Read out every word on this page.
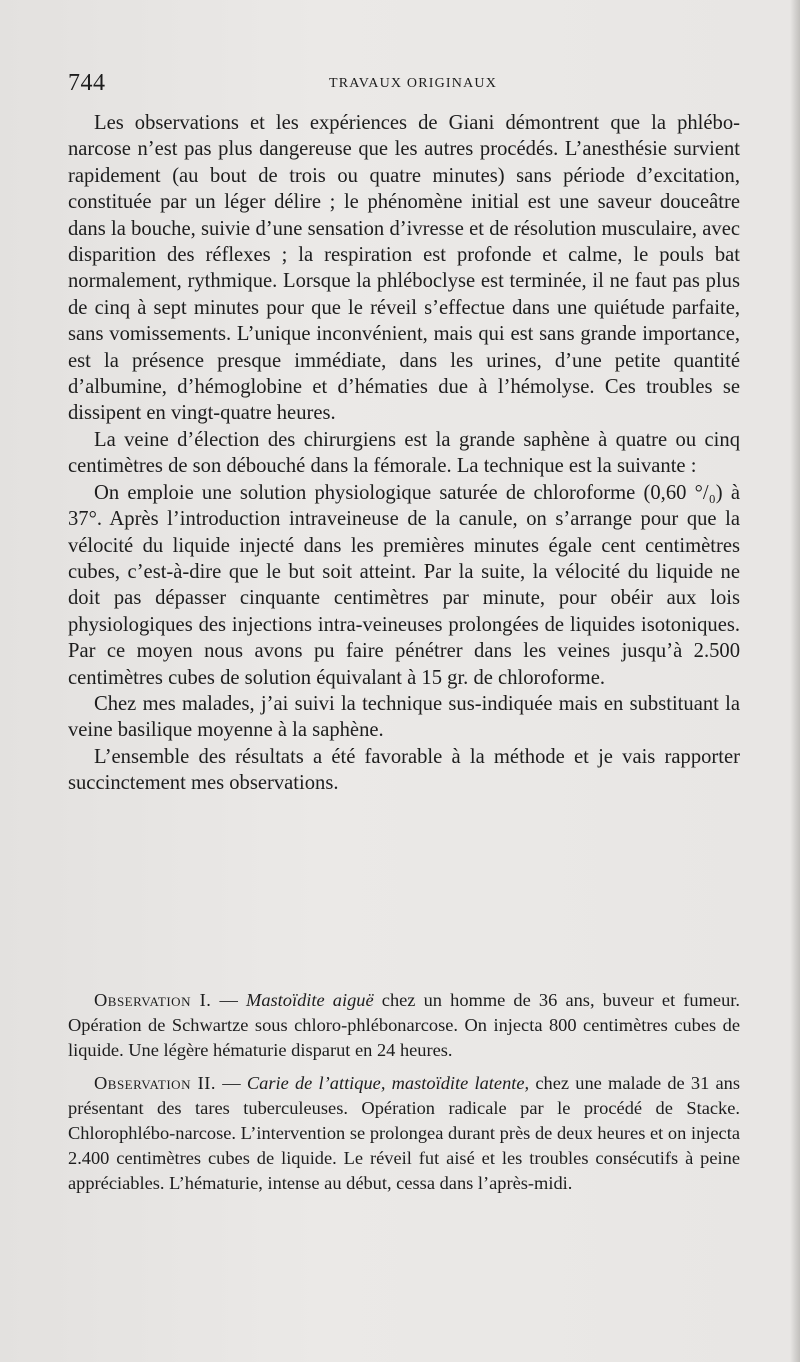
744	TRAVAUX ORIGINAUX

Les observations et les expériences de Giani démontrent que la phlébo-narcose n’est pas plus dangereuse que les autres procédés. L’anesthésie survient rapidement (au bout de trois ou quatre minutes) sans période d’excitation, constituée par un léger délire ; le phénomène initial est une saveur douceâtre dans la bouche, suivie d’une sensation d’ivresse et de résolution musculaire, avec disparition des réflexes ; la respiration est profonde et calme, le pouls bat normalement, rythmique. Lorsque la phléboclyse est terminée, il ne faut pas plus de cinq à sept minutes pour que le réveil s’effectue dans une quiétude parfaite, sans vomissements. L’unique inconvénient, mais qui est sans grande importance, est la présence presque immédiate, dans les urines, d’une petite quantité d’albumine, d’hémoglobine et d’hématies due à l’hémolyse. Ces troubles se dissipent en vingt-quatre heures.

La veine d’élection des chirurgiens est la grande saphène à quatre ou cinq centimètres de son débouché dans la fémorale. La technique est la suivante :

On emploie une solution physiologique saturée de chloroforme (0,60 °/₀) à 37°. Après l’introduction intraveineuse de la canule, on s’arrange pour que la vélocité du liquide injecté dans les premières minutes égale cent centimètres cubes, c’est-à-dire que le but soit atteint. Par la suite, la vélocité du liquide ne doit pas dépasser cinquante centimètres par minute, pour obéir aux lois physiologiques des injections intra-veineuses prolongées de liquides isotoniques. Par ce moyen nous avons pu faire pénétrer dans les veines jusqu’à 2.500 centimètres cubes de solution équivalant à 15 gr. de chloroforme.

Chez mes malades, j’ai suivi la technique sus-indiquée mais en substituant la veine basilique moyenne à la saphène.

L’ensemble des résultats a été favorable à la méthode et je vais rapporter succinctement mes observations.

Observation I. — Mastoïdite aiguë chez un homme de 36 ans, buveur et fumeur. Opération de Schwartze sous chloro-phlébonarcose. On injecta 800 centimètres cubes de liquide. Une légère hématurie disparut en 24 heures.

Observation II. — Carie de l’attique, mastoïdite latente, chez une malade de 31 ans présentant des tares tuberculeuses. Opération radicale par le procédé de Stacke. Chlorophlébo-narcose. L’intervention se prolongea durant près de deux heures et on injecta 2.400 centimètres cubes de liquide. Le réveil fut aisé et les troubles consécutifs à peine appréciables. L’hématurie, intense au début, cessa dans l’après-midi.
